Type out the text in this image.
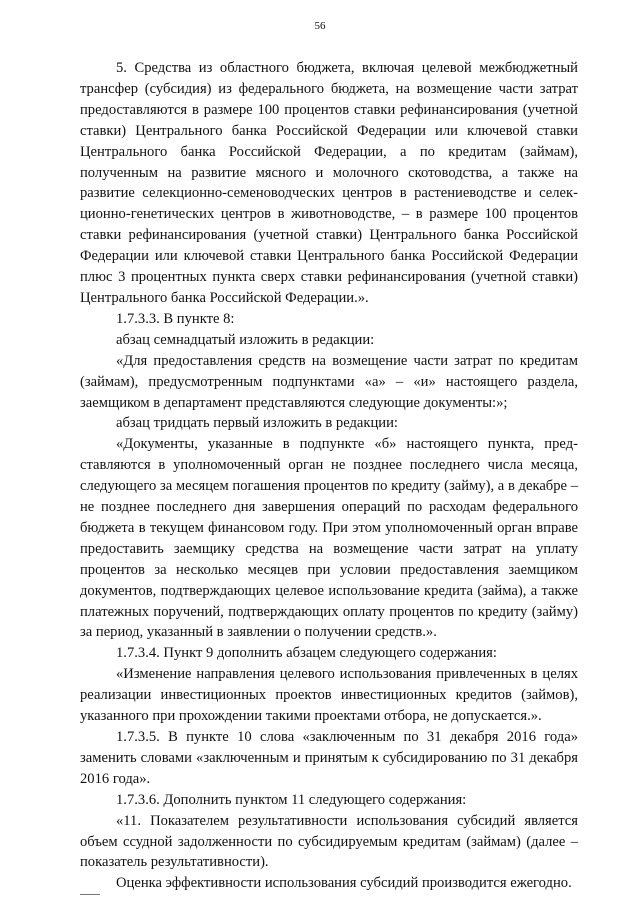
56

5. Средства из областного бюджета, включая целевой межбюджетный трансфер (субсидия) из федерального бюджета, на возмещение части затрат предоставляются в размере 100 процентов ставки рефинансирования (учетной ставки) Центрального банка Российской Федерации или ключевой ставки Центрального банка Российской Федерации, а по кредитам (займам), полученным на развитие мясного и молочного скотоводства, а также на развитие селекционно-семеноводческих центров в растениеводстве и селекционно-генетических центров в животноводстве, – в размере 100 процентов ставки рефинансирования (учетной ставки) Центрального банка Российской Федерации или ключевой ставки Центрального банка Российской Федерации плюс 3 процентных пункта сверх ставки рефинансирования (учетной ставки) Центрального банка Российской Федерации.».

1.7.3.3. В пункте 8:

абзац семнадцатый изложить в редакции:

«Для предоставления средств на возмещение части затрат по кредитам (займам), предусмотренным подпунктами «а» – «и» настоящего раздела, заемщиком в департамент представляются следующие документы:»;

абзац тридцать первый изложить в редакции:

«Документы, указанные в подпункте «б» настоящего пункта, представляются в уполномоченный орган не позднее последнего числа месяца, следующего за месяцем погашения процентов по кредиту (займу), а в декабре – не позднее последнего дня завершения операций по расходам федерального бюджета в текущем финансовом году. При этом уполномоченный орган вправе предоставить заемщику средства на возмещение части затрат на уплату процентов за несколько месяцев при условии предоставления заемщиком документов, подтверждающих целевое использование кредита (займа), а также платежных поручений, подтверждающих оплату процентов по кредиту (займу) за период, указанный в заявлении о получении средств.».

1.7.3.4. Пункт 9 дополнить абзацем следующего содержания:

«Изменение направления целевого использования привлеченных в целях реализации инвестиционных проектов инвестиционных кредитов (займов), указанного при прохождении такими проектами отбора, не допускается.».

1.7.3.5. В пункте 10 слова «заключенным по 31 декабря 2016 года» заменить словами «заключенным и принятым к субсидированию по 31 декабря 2016 года».

1.7.3.6. Дополнить пунктом 11 следующего содержания:

«11. Показателем результативности использования субсидий является объем ссудной задолженности по субсидируемым кредитам (займам) (далее – показатель результативности).

Оценка эффективности использования субсидий производится ежегодно.
